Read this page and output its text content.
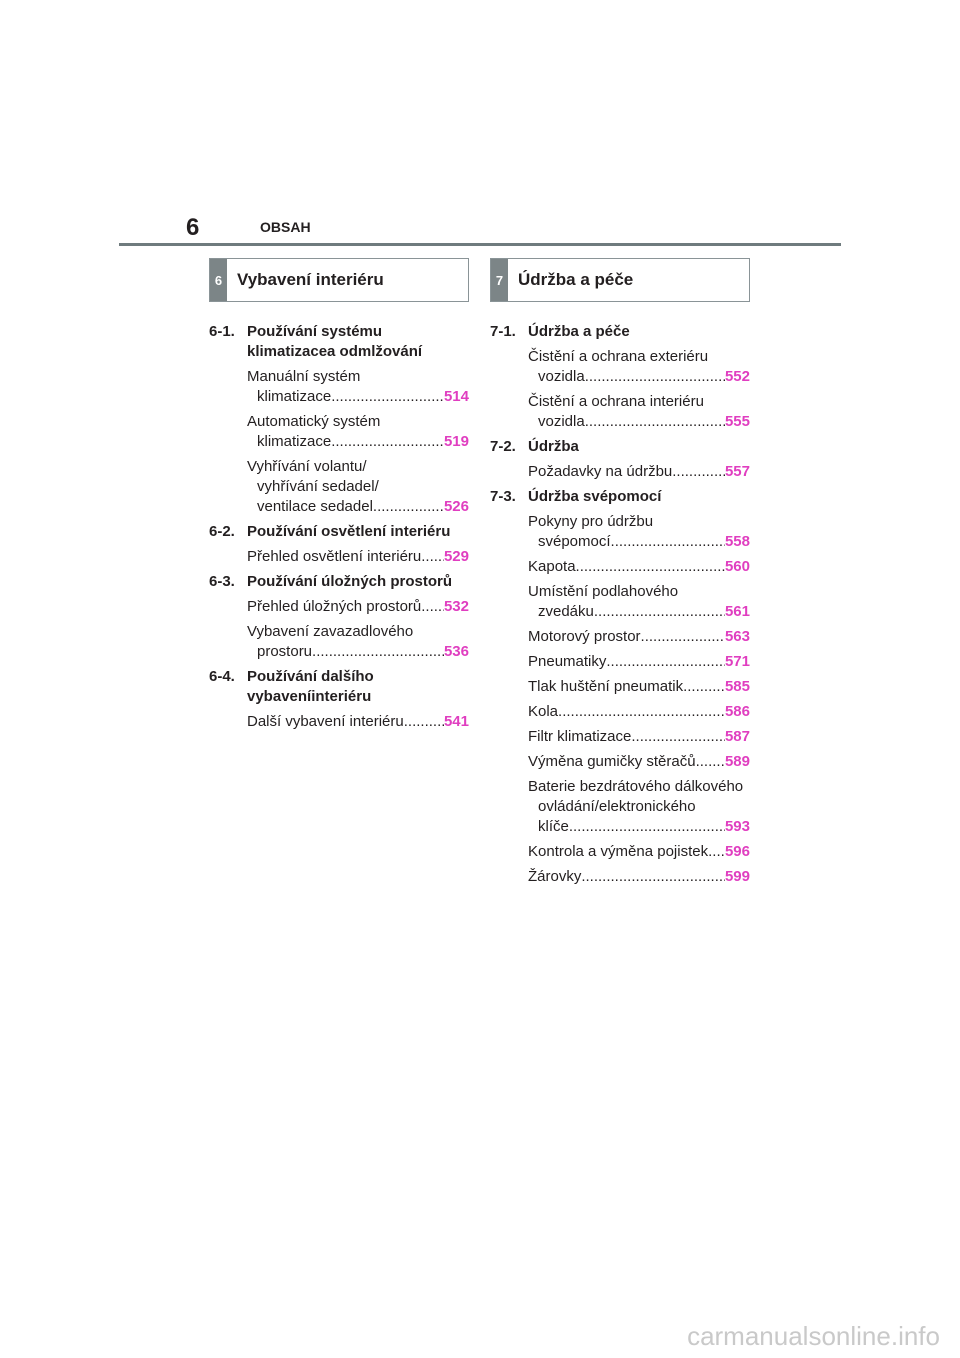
6	OBSAH
6 Vybavení interiéru
6-1. Používání systému klimatizacea odmlžování
Manuální systém
klimatizace .....	514
Automatický systém
klimatizace .....	519
Vyhřívání volantu/
vyhřívání sedadel/
ventilace sedadel .....	526
6-2. Používání osvětlení interiéru
Přehled osvětlení interiéru ..... 529
6-3. Používání úložných prostorů
Přehled úložných prostorů ..... 532
Vybavení zavazadlového
prostoru .....	536
6-4. Používání dalšího vybaveníinteriéru
Další vybavení interiéru .....	541
7 Údržba a péče
7-1. Údržba a péče
Čistění a ochrana exteriéru
vozidla .....	552
Čistění a ochrana interiéru
vozidla .....	555
7-2. Údržba
Požadavky na údržbu .....	557
7-3. Údržba svépomocí
Pokyny pro údržbu
svépomocí .....	558
Kapota .....	560
Umístění podlahového
zvedáku .....	561
Motorový prostor .....	563
Pneumatiky .....	571
Tlak huštění pneumatik .....	585
Kola .....	586
Filtr klimatizace .....	587
Výměna gumičky stěračů ..... 589
Baterie bezdrátového dálkového
ovládání/elektronického
klíče .....	593
Kontrola a výměna pojistek ..... 596
Žárovky .....	599
carmanualsonline.info
